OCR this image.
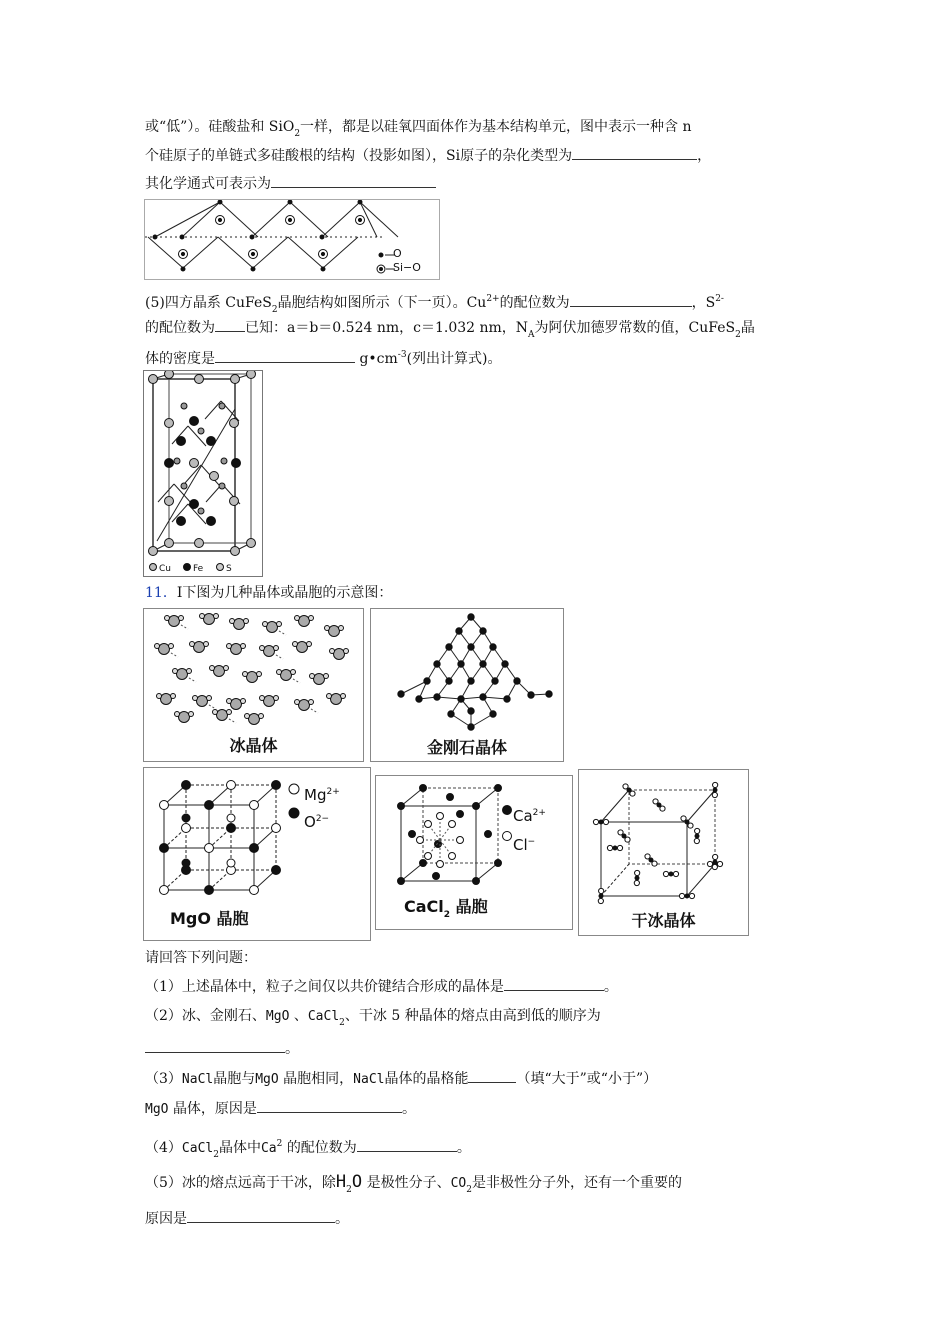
或“低”）。硅酸盐和 SiO$_2$一样，都是以硅氧四面体作为基本结构单元，图中表示一种含 n
个硅原子的单链式多硅酸根的结构（投影如图），Si原子的杂化类型为	，
其化学通式可表示为
O
Si−O
(5)四方晶系 CuFeS$_2$晶胞结构如图所示（下一页）。$Cu^{2+}$的配位数为	，$S^{2-}$
的配位数为 已知：a＝b＝0.524 nm，c＝1.032 nm，$N_A$为阿伏加德罗常数的值，CuFeS$_2$晶
体的密度是	$g•cm^{-3}$(列出计算式)。
Cu Fe	S
11．Ⅰ下图为几种晶体或晶胞的示意图：
冰晶体	金刚石晶体
$Mg^{2+}$
$O^{2-}$
MgO 晶胞
$Ca^{2+}$
Cl−
CaCl$_2$ 晶胞
干冰晶体
请回答下列问题：
（1）上述晶体中，粒子之间仅以共价键结合形成的晶体是	。
（2）冰、金刚石、MgO 、CaCl$_2$、干冰 5 种晶体的熔点由高到低的顺序为
。
（3）NaCl晶胞与MgO 晶胞相同，NaCl晶体的晶格能	（填“大于”或“小于”）
MgO 晶体，原因是	。
（4）CaCl$_2$晶体中Ca$^2$ 的配位数为	。
（5）冰的熔点远高于干冰，除$H_2O$ 是极性分子、$CO_2$是非极性分子外，还有一个重要的
原因是	。
